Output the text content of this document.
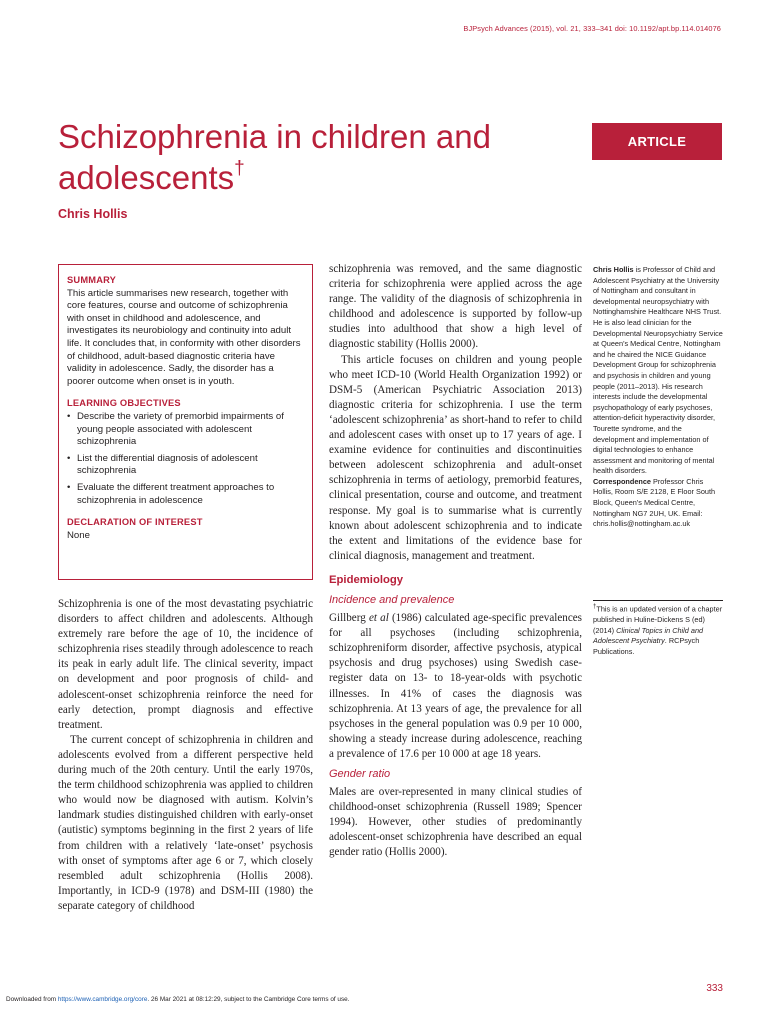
BJPsych Advances (2015), vol. 21, 333–341 doi: 10.1192/apt.bp.114.014076
Schizophrenia in children and adolescents†
Chris Hollis
ARTICLE
SUMMARY
This article summarises new research, together with core features, course and outcome of schizophrenia with onset in childhood and adolescence, and investigates its neurobiology and continuity into adult life. It concludes that, in conformity with other disorders of childhood, adult-based diagnostic criteria have validity in adolescence. Sadly, the disorder has a poorer outcome when onset is in youth.
LEARNING OBJECTIVES
• Describe the variety of premorbid impairments of young people associated with adolescent schizophrenia
• List the differential diagnosis of adolescent schizophrenia
• Evaluate the different treatment approaches to schizophrenia in adolescence
DECLARATION OF INTEREST
None

Schizophrenia is one of the most devastating psychiatric disorders to affect children and adolescents. Although extremely rare before the age of 10, the incidence of schizophrenia rises steadily through adolescence to reach its peak in early adult life. The clinical severity, impact on development and poor prognosis of child- and adolescent-onset schizophrenia reinforce the need for early detection, prompt diagnosis and effective treatment.

The current concept of schizophrenia in children and adolescents evolved from a different perspective held during much of the 20th century. Until the early 1970s, the term childhood schizophrenia was applied to children who would now be diagnosed with autism. Kolvin’s landmark studies distinguished children with early-onset (autistic) symptoms beginning in the first 2 years of life from children with a relatively ‘late-onset’ psychosis with onset of symptoms after age 6 or 7, which closely resembled adult schizophrenia (Hollis 2008). Importantly, in ICD-9 (1978) and DSM-III (1980) the separate category of childhood

schizophrenia was removed, and the same diagnostic criteria for schizophrenia were applied across the age range. The validity of the diagnosis of schizophrenia in childhood and adolescence is supported by follow-up studies into adulthood that show a high level of diagnostic stability (Hollis 2000).

This article focuses on children and young people who meet ICD-10 (World Health Organization 1992) or DSM-5 (American Psychiatric Association 2013) diagnostic criteria for schizophrenia. I use the term ‘adolescent schizophrenia’ as short-hand to refer to child and adolescent cases with onset up to 17 years of age. I examine evidence for continuities and discontinuities between adolescent schizophrenia and adult-onset schizophrenia in terms of aetiology, premorbid features, clinical presentation, course and outcome, and treatment response. My goal is to summarise what is currently known about adolescent schizophrenia and to indicate the extent and limitations of the evidence base for clinical diagnosis, management and treatment.

Epidemiology
Incidence and prevalence

Gillberg et al (1986) calculated age-specific prevalences for all psychoses (including schizophrenia, schizophreniform disorder, affective psychosis, atypical psychosis and drug psychoses) using Swedish case-register data on 13- to 18-year-olds with psychotic illnesses. In 41% of cases the diagnosis was schizophrenia. At 13 years of age, the prevalence for all psychoses in the general population was 0.9 per 10 000, showing a steady increase during adolescence, reaching a prevalence of 17.6 per 10 000 at age 18 years.

Gender ratio

Males are over-represented in many clinical studies of childhood-onset schizophrenia (Russell 1989; Spencer 1994). However, other studies of predominantly adolescent-onset schizophrenia have described an equal gender ratio (Hollis 2000).

Chris Hollis is Professor of Child and Adolescent Psychiatry at the University of Nottingham and consultant in developmental neuropsychiatry with Nottinghamshire Healthcare NHS Trust. He is also lead clinician for the Developmental Neuropsychiatry Service at Queen’s Medical Centre, Nottingham and he chaired the NICE Guidance Development Group for schizophrenia and psychosis in children and young people (2011–2013). His research interests include the developmental psychopathology of early psychoses, attention-deficit hyperactivity disorder, Tourette syndrome, and the development and implementation of digital technologies to enhance assessment and monitoring of mental health disorders.

Correspondence Professor Chris Hollis, Room S/E 2128, E Floor South Block, Queen’s Medical Centre, Nottingham NG7 2UH, UK. Email: chris.hollis@nottingham.ac.uk

†This is an updated version of a chapter published in Huline-Dickens S (ed) (2014) Clinical Topics in Child and Adolescent Psychiatry. RCPsych Publications.
333
Downloaded from https://www.cambridge.org/core. 26 Mar 2021 at 08:12:29, subject to the Cambridge Core terms of use.
